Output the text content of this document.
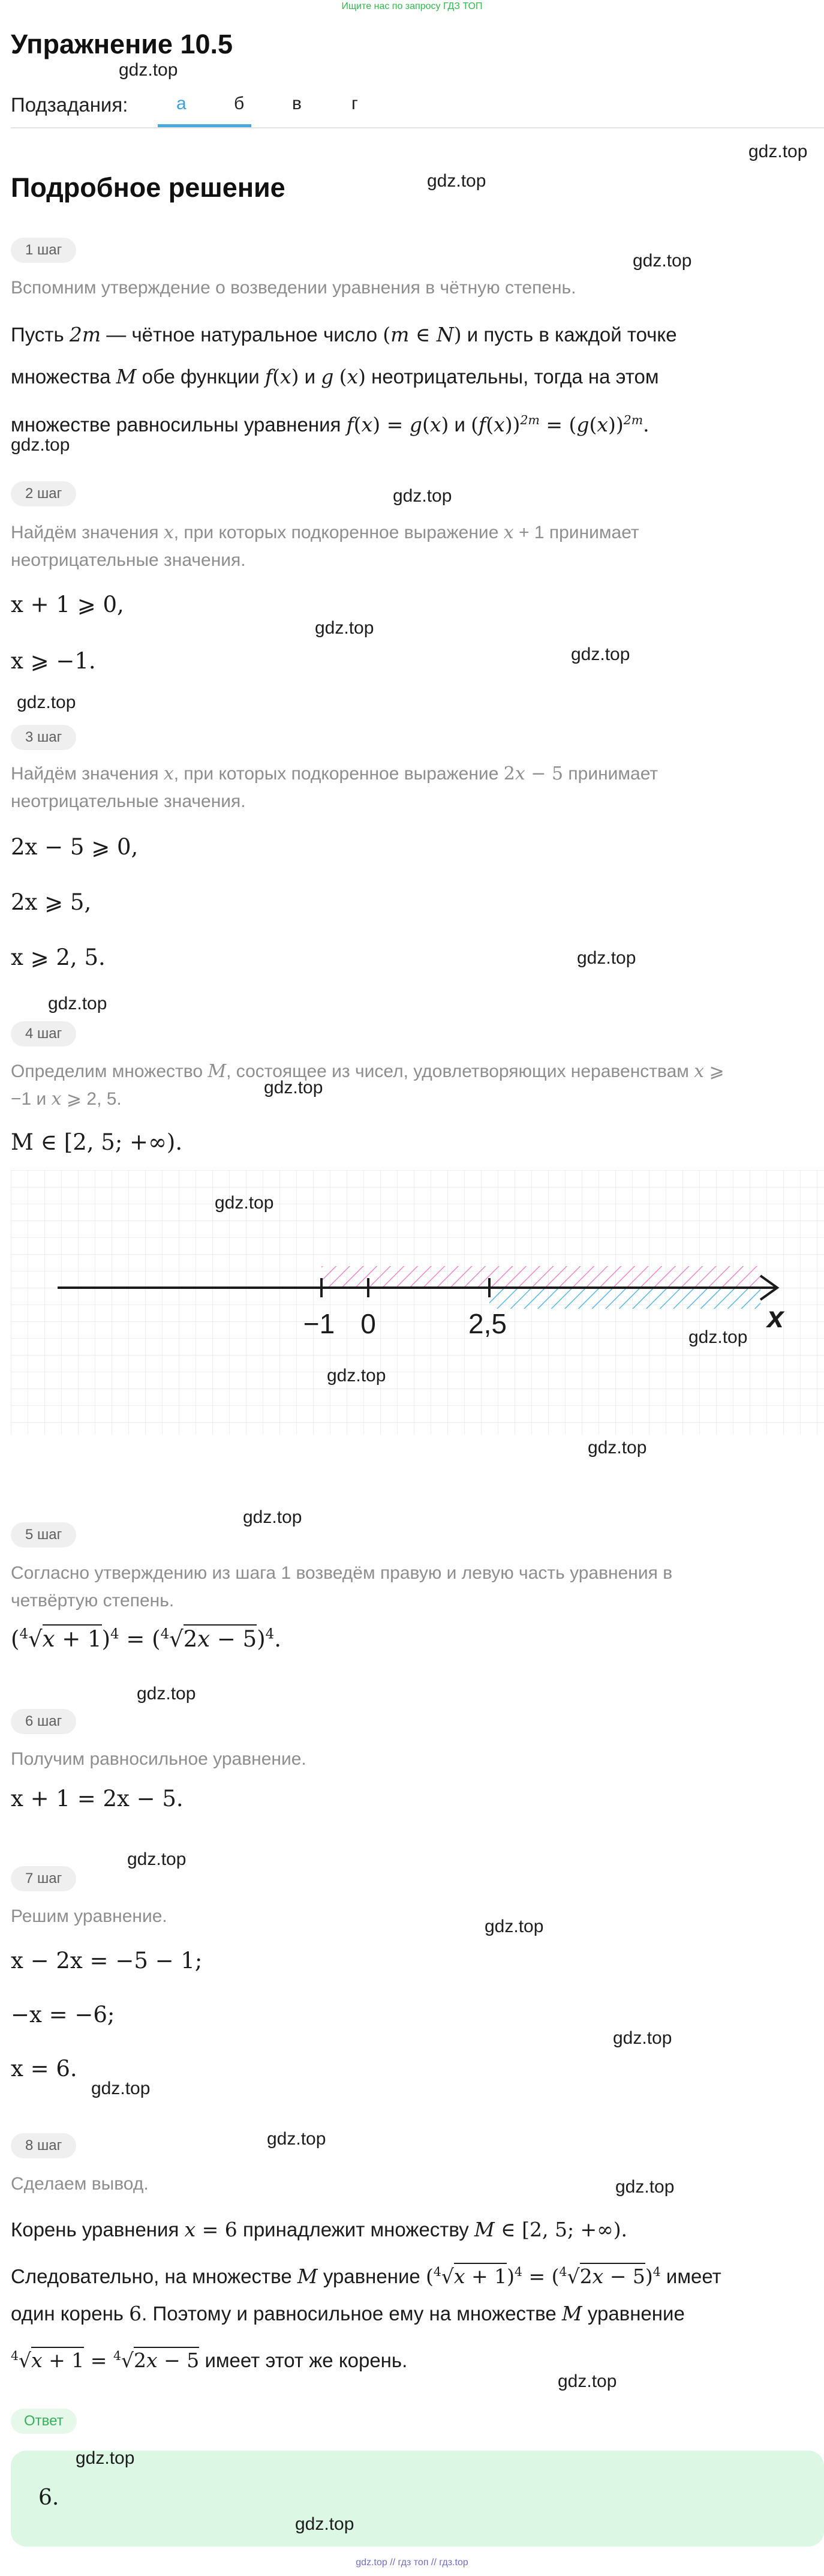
Ищите нас по запросу ГДЗ ТОП
Упражнение 10.5
gdz.top
Подзадания:	а	б	в	г
gdz.top
Подробное решение	gdz.top
1 шаг
gdz.top
Вспомним утверждение о возведении уравнения в чётную степень.
Пусть 2m — чётное натуральное число (m ∈ N) и пусть в каждой точке
множества M обе функции f(x) и g (x) неотрицательны, тогда на этом
множестве равносильны уравнения f(x) = g(x) и $(f(x))^{2m} = (g(x))^{2m}$.
gdz.top
2 шаг	gdz.top
Найдём значения x, при которых подкоренное выражение x + 1 принимает
неотрицательные значения.
x + 1 ⩾ 0,
gdz.top
x ⩾ −1.	gdz.top
gdz.top
3 шаг
Найдём значения x, при которых подкоренное выражение 2x − 5 принимает
неотрицательные значения.
2x − 5 ⩾ 0,
2x ⩾ 5,
x ⩾ 2, 5.	gdz.top
gdz.top
4 шаг
Определим множество M, состоящее из чисел, удовлетворяющих неравенствам x ⩾
−1 и x ⩾ 2, 5.
gdz.top
M ∈ [2, 5; +∞).
−1 0	2,5	x
gdz.top
gdz.top
gdz.top
gdz.top
gdz.top
5 шаг
Согласно утверждению из шага 1 возведём правую и левую часть уравнения в
четвёртую степень.
$(^4√x + 1)^4 = (^4√2x - 5)^4$.
gdz.top
6 шаг
Получим равносильное уравнение.
x + 1 = 2x − 5.
gdz.top
7 шаг
Решим уравнение.
gdz.top
x − 2x = −5 − 1;
−x = −6;
gdz.top
x = 6.
gdz.top
8 шаг	gdz.top
Сделаем вывод.	gdz.top
Корень уравнения x = 6 принадлежит множеству M ∈ [2, 5; +∞).
Следовательно, на множестве M уравнение $(^4√x + 1)^4 = (^4√2x - 5)^4$ имеет
один корень 6. Поэтому и равносильное ему на множестве M уравнение
$^4$√x + 1 = $^4$√2x − 5 имеет этот же корень.
gdz.top
Ответ
gdz.top
6.
gdz.top
gdz.top // гдз топ // гдз.top
